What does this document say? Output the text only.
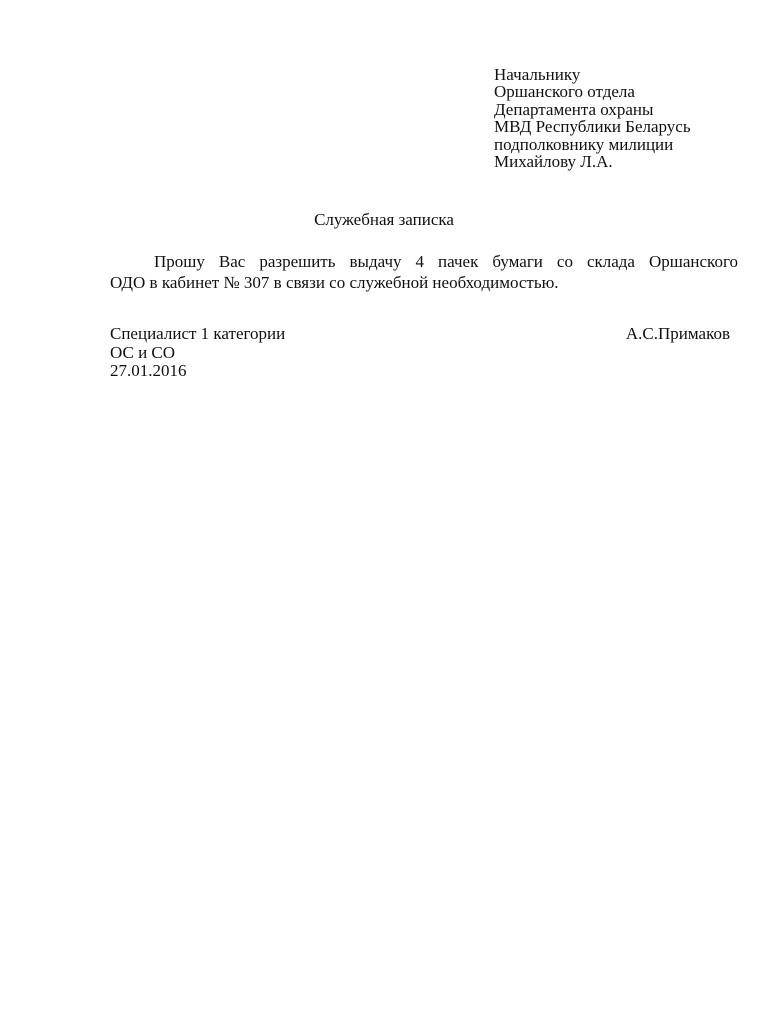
Начальнику
Оршанского отдела
Департамента охраны
МВД Республики Беларусь
подполковнику милиции
Михайлову Л.А.
Служебная записка
Прошу Вас разрешить выдачу 4 пачек бумаги со склада Оршанского
ОДО в кабинет № 307 в связи со служебной необходимостью.
Специалист 1 категории	А.С.Примаков
ОС и СО
27.01.2016
